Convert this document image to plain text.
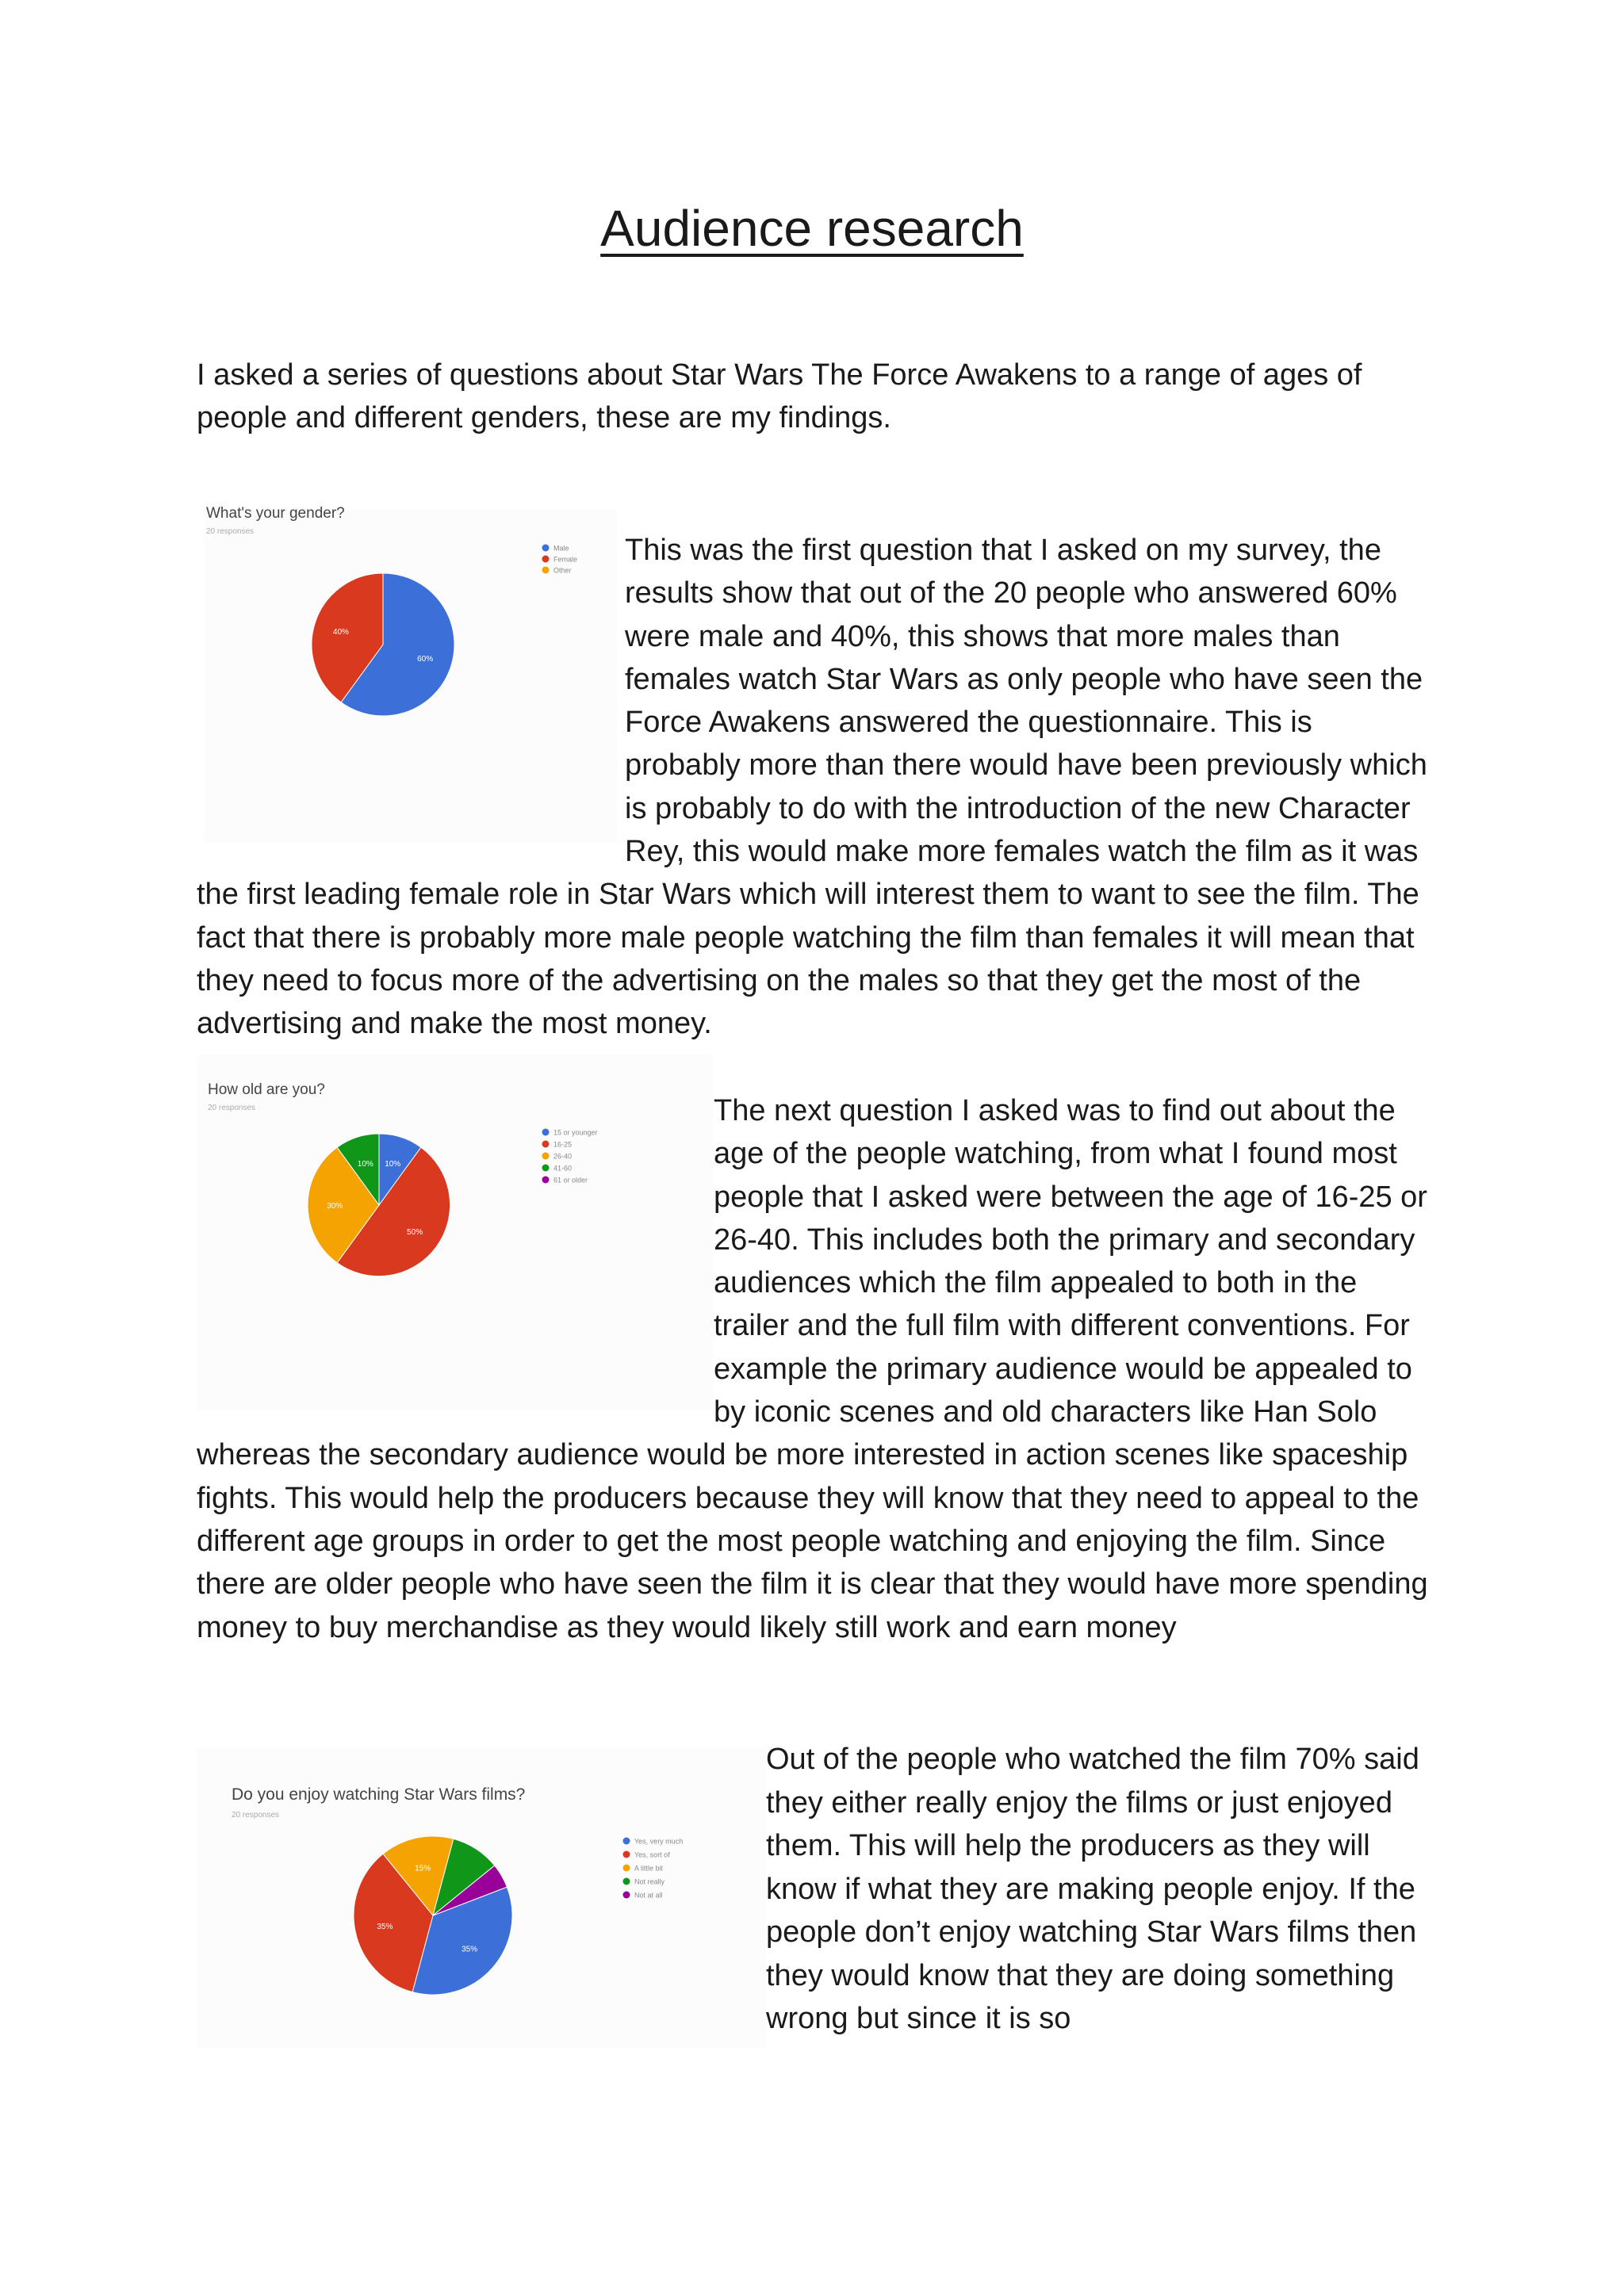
Audience research

I asked a series of questions about Star Wars The Force Awakens to a range of ages of people and different genders, these are my findings.

What's your gender?
20 responses
60%
40%
Male
Female
Other

This was the first question that I asked on my survey, the results show that out of the 20 people who answered 60% were male and 40%, this shows that more males than females watch Star Wars as only people who have seen the Force Awakens answered the questionnaire. This is probably more than there would have been previously which is probably to do with the introduction of the new Character Rey, this would make more females watch the film as it was the first leading female role in Star Wars which will interest them to want to see the film. The fact that there is probably more male people watching the film than females it will mean that they need to focus more of the advertising on the males so that they get the most of the advertising and make the most money.

How old are you?
20 responses
10%
50%
30%
10%
15 or younger
16-25
26-40
41-60
61 or older

The next question I asked was to find out about the age of the people watching, from what I found most people that I asked were between the age of 16-25 or 26-40. This includes both the primary and secondary audiences which the film appealed to both in the trailer and the full film with different conventions. For example the primary audience would be appealed to by iconic scenes and old characters like Han Solo whereas the secondary audience would be more interested in action scenes like spaceship fights. This would help the producers because they will know that they need to appeal to the different age groups in order to get the most people watching and enjoying the film. Since there are older people who have seen the film it is clear that they would have more spending money to buy merchandise as they would likely still work and earn money

Do you enjoy watching Star Wars films?
20 responses
35%
35%
15%
Yes, very much
Yes, sort of
A little bit
Not really
Not at all

Out of the people who watched the film 70% said they either really enjoy the films or just enjoyed them. This will help the producers as they will know if what they are making people enjoy. If the people don’t enjoy watching Star Wars films then they would know that they are doing something wrong but since it is so
